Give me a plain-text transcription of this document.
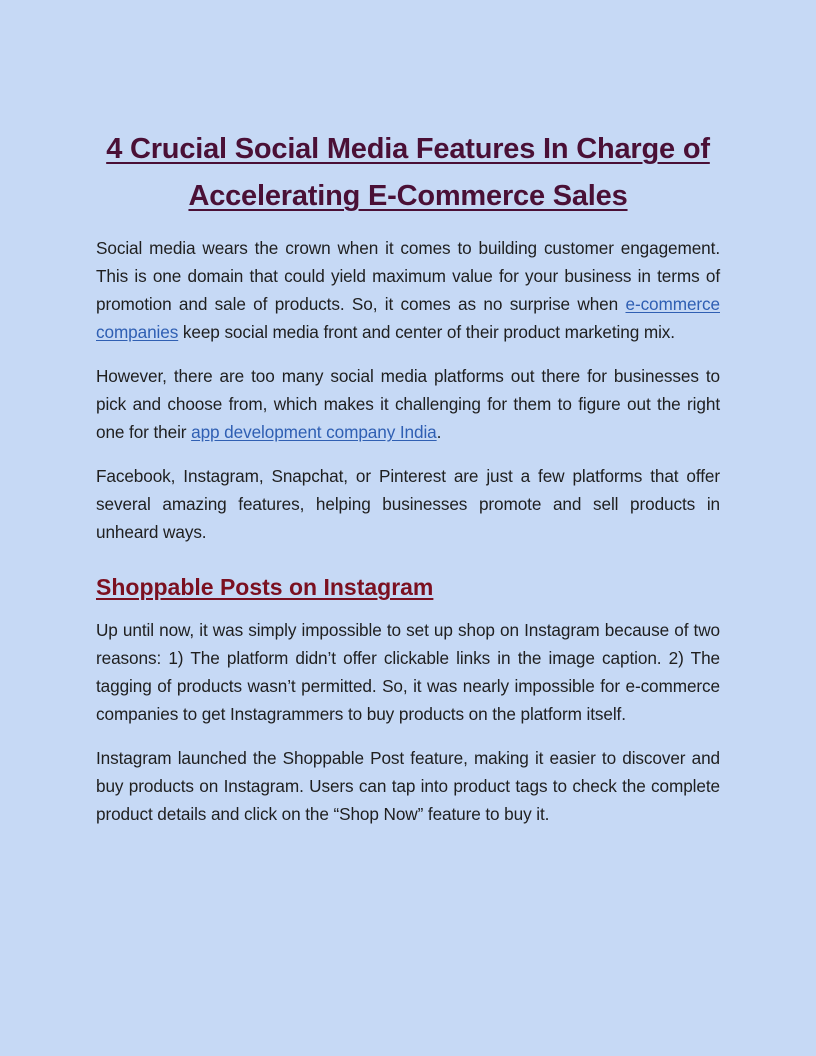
4 Crucial Social Media Features In Charge of Accelerating E-Commerce Sales

Social media wears the crown when it comes to building customer engagement. This is one domain that could yield maximum value for your business in terms of promotion and sale of products. So, it comes as no surprise when e-commerce companies keep social media front and center of their product marketing mix.

However, there are too many social media platforms out there for businesses to pick and choose from, which makes it challenging for them to figure out the right one for their app development company India.

Facebook, Instagram, Snapchat, or Pinterest are just a few platforms that offer several amazing features, helping businesses promote and sell products in unheard ways.

Shoppable Posts on Instagram

Up until now, it was simply impossible to set up shop on Instagram because of two reasons: 1) The platform didn’t offer clickable links in the image caption. 2) The tagging of products wasn’t permitted. So, it was nearly impossible for e-commerce companies to get Instagrammers to buy products on the platform itself.

Instagram launched the Shoppable Post feature, making it easier to discover and buy products on Instagram. Users can tap into product tags to check the complete product details and click on the “Shop Now” feature to buy it.
